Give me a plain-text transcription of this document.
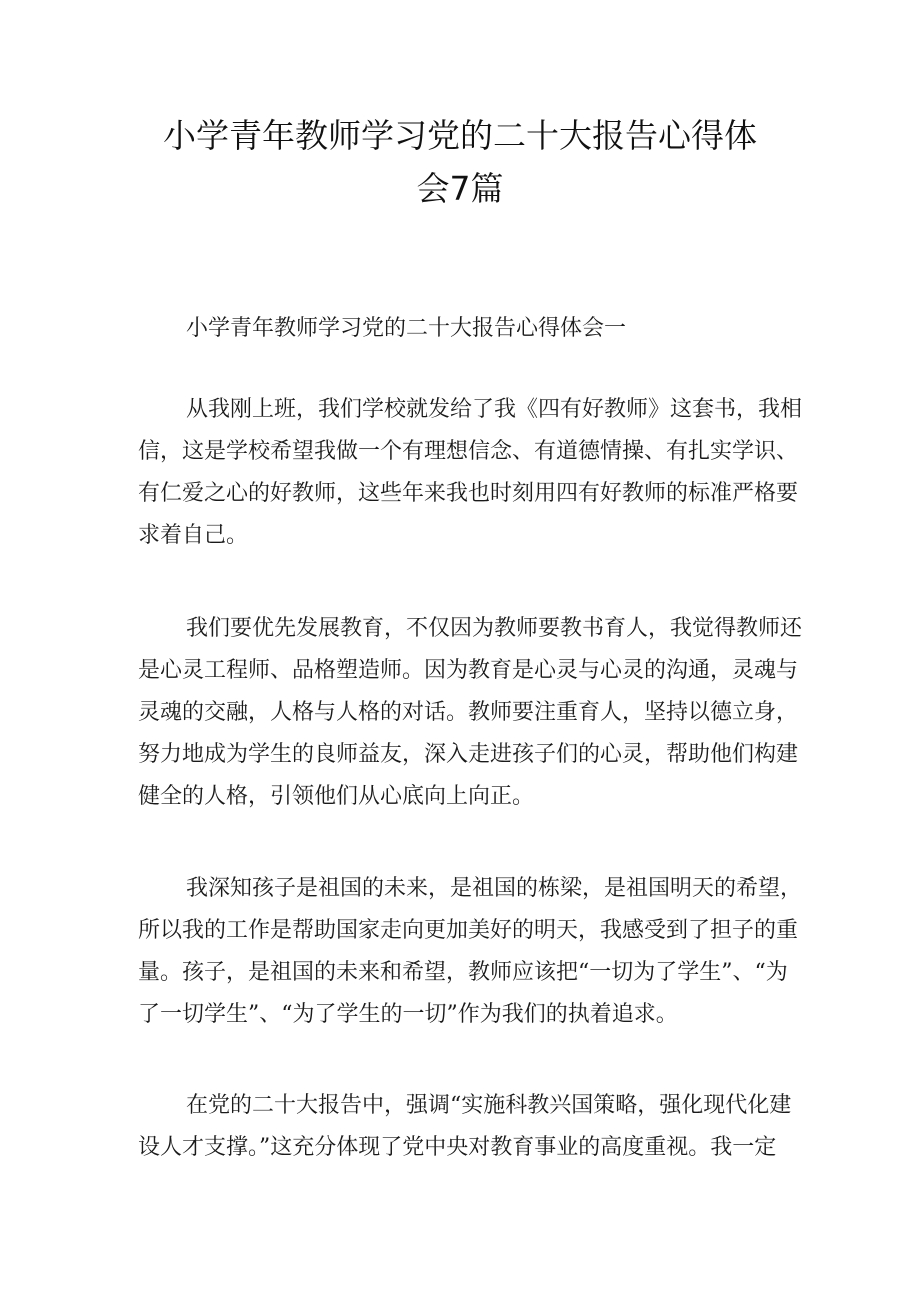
小学青年教师学习党的二十大报告心得体
会7篇

小学青年教师学习党的二十大报告心得体会一

从我刚上班，我们学校就发给了我《四有好教师》这套书，我相
信，这是学校希望我做一个有理想信念、有道德情操、有扎实学识、
有仁爱之心的好教师，这些年来我也时刻用四有好教师的标准严格要
求着自己。
我们要优先发展教育，不仅因为教师要教书育人，我觉得教师还
是心灵工程师、品格塑造师。因为教育是心灵与心灵的沟通，灵魂与
灵魂的交融，人格与人格的对话。教师要注重育人，坚持以德立身，
努力地成为学生的良师益友，深入走进孩子们的心灵，帮助他们构建
健全的人格，引领他们从心底向上向正。
我深知孩子是祖国的未来，是祖国的栋梁，是祖国明天的希望，
所以我的工作是帮助国家走向更加美好的明天，我感受到了担子的重
量。孩子，是祖国的未来和希望，教师应该把“一切为了学生”、“为
了一切学生”、“为了学生的一切”作为我们的执着追求。
在党的二十大报告中，强调“实施科教兴国策略，强化现代化建
设人才支撑。”这充分体现了党中央对教育事业的高度重视。我一定
